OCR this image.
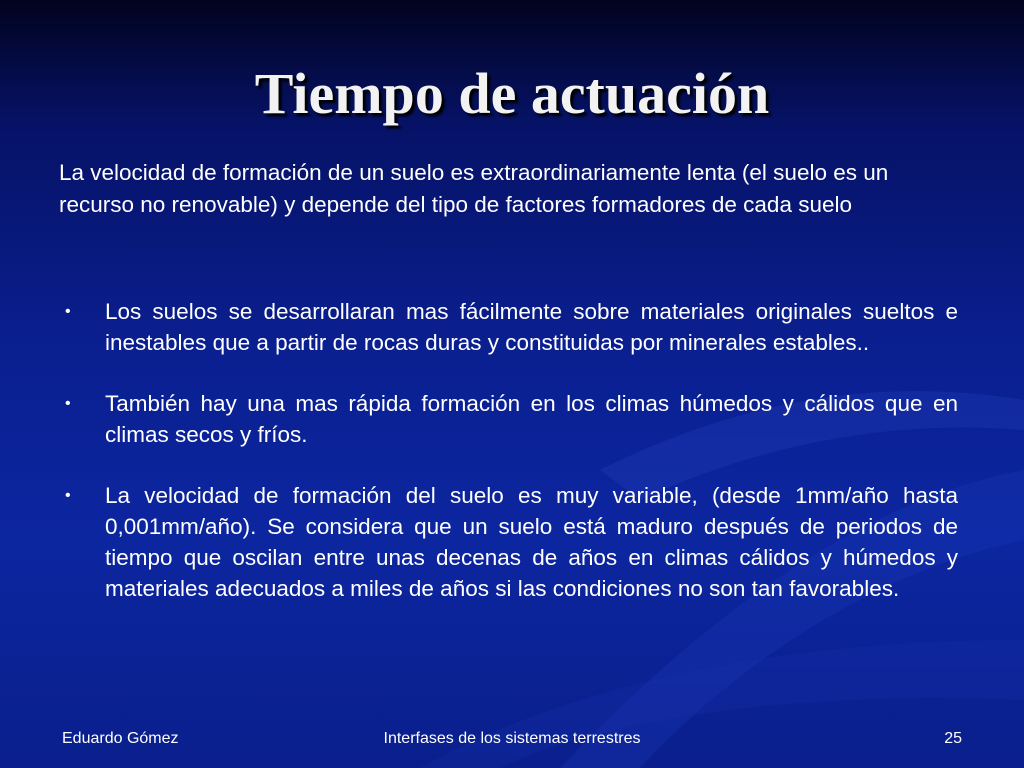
Tiempo de actuación

La velocidad de formación de un suelo es extraordinariamente lenta (el suelo es un recurso no renovable) y depende del tipo de factores formadores de cada suelo

• Los suelos se desarrollaran mas fácilmente sobre materiales originales sueltos e inestables que a partir de rocas duras y constituidas por minerales estables..
• También hay una mas rápida formación en los climas húmedos y cálidos que en climas secos y fríos.
• La velocidad de formación del suelo es muy variable, (desde 1mm/año hasta 0,001mm/año). Se considera que un suelo está maduro después de periodos de tiempo que oscilan entre unas decenas de años en climas cálidos y húmedos y materiales adecuados a miles de años si las condiciones no son tan favorables.
Eduardo Gómez	Interfases de los sistemas terrestres	25
